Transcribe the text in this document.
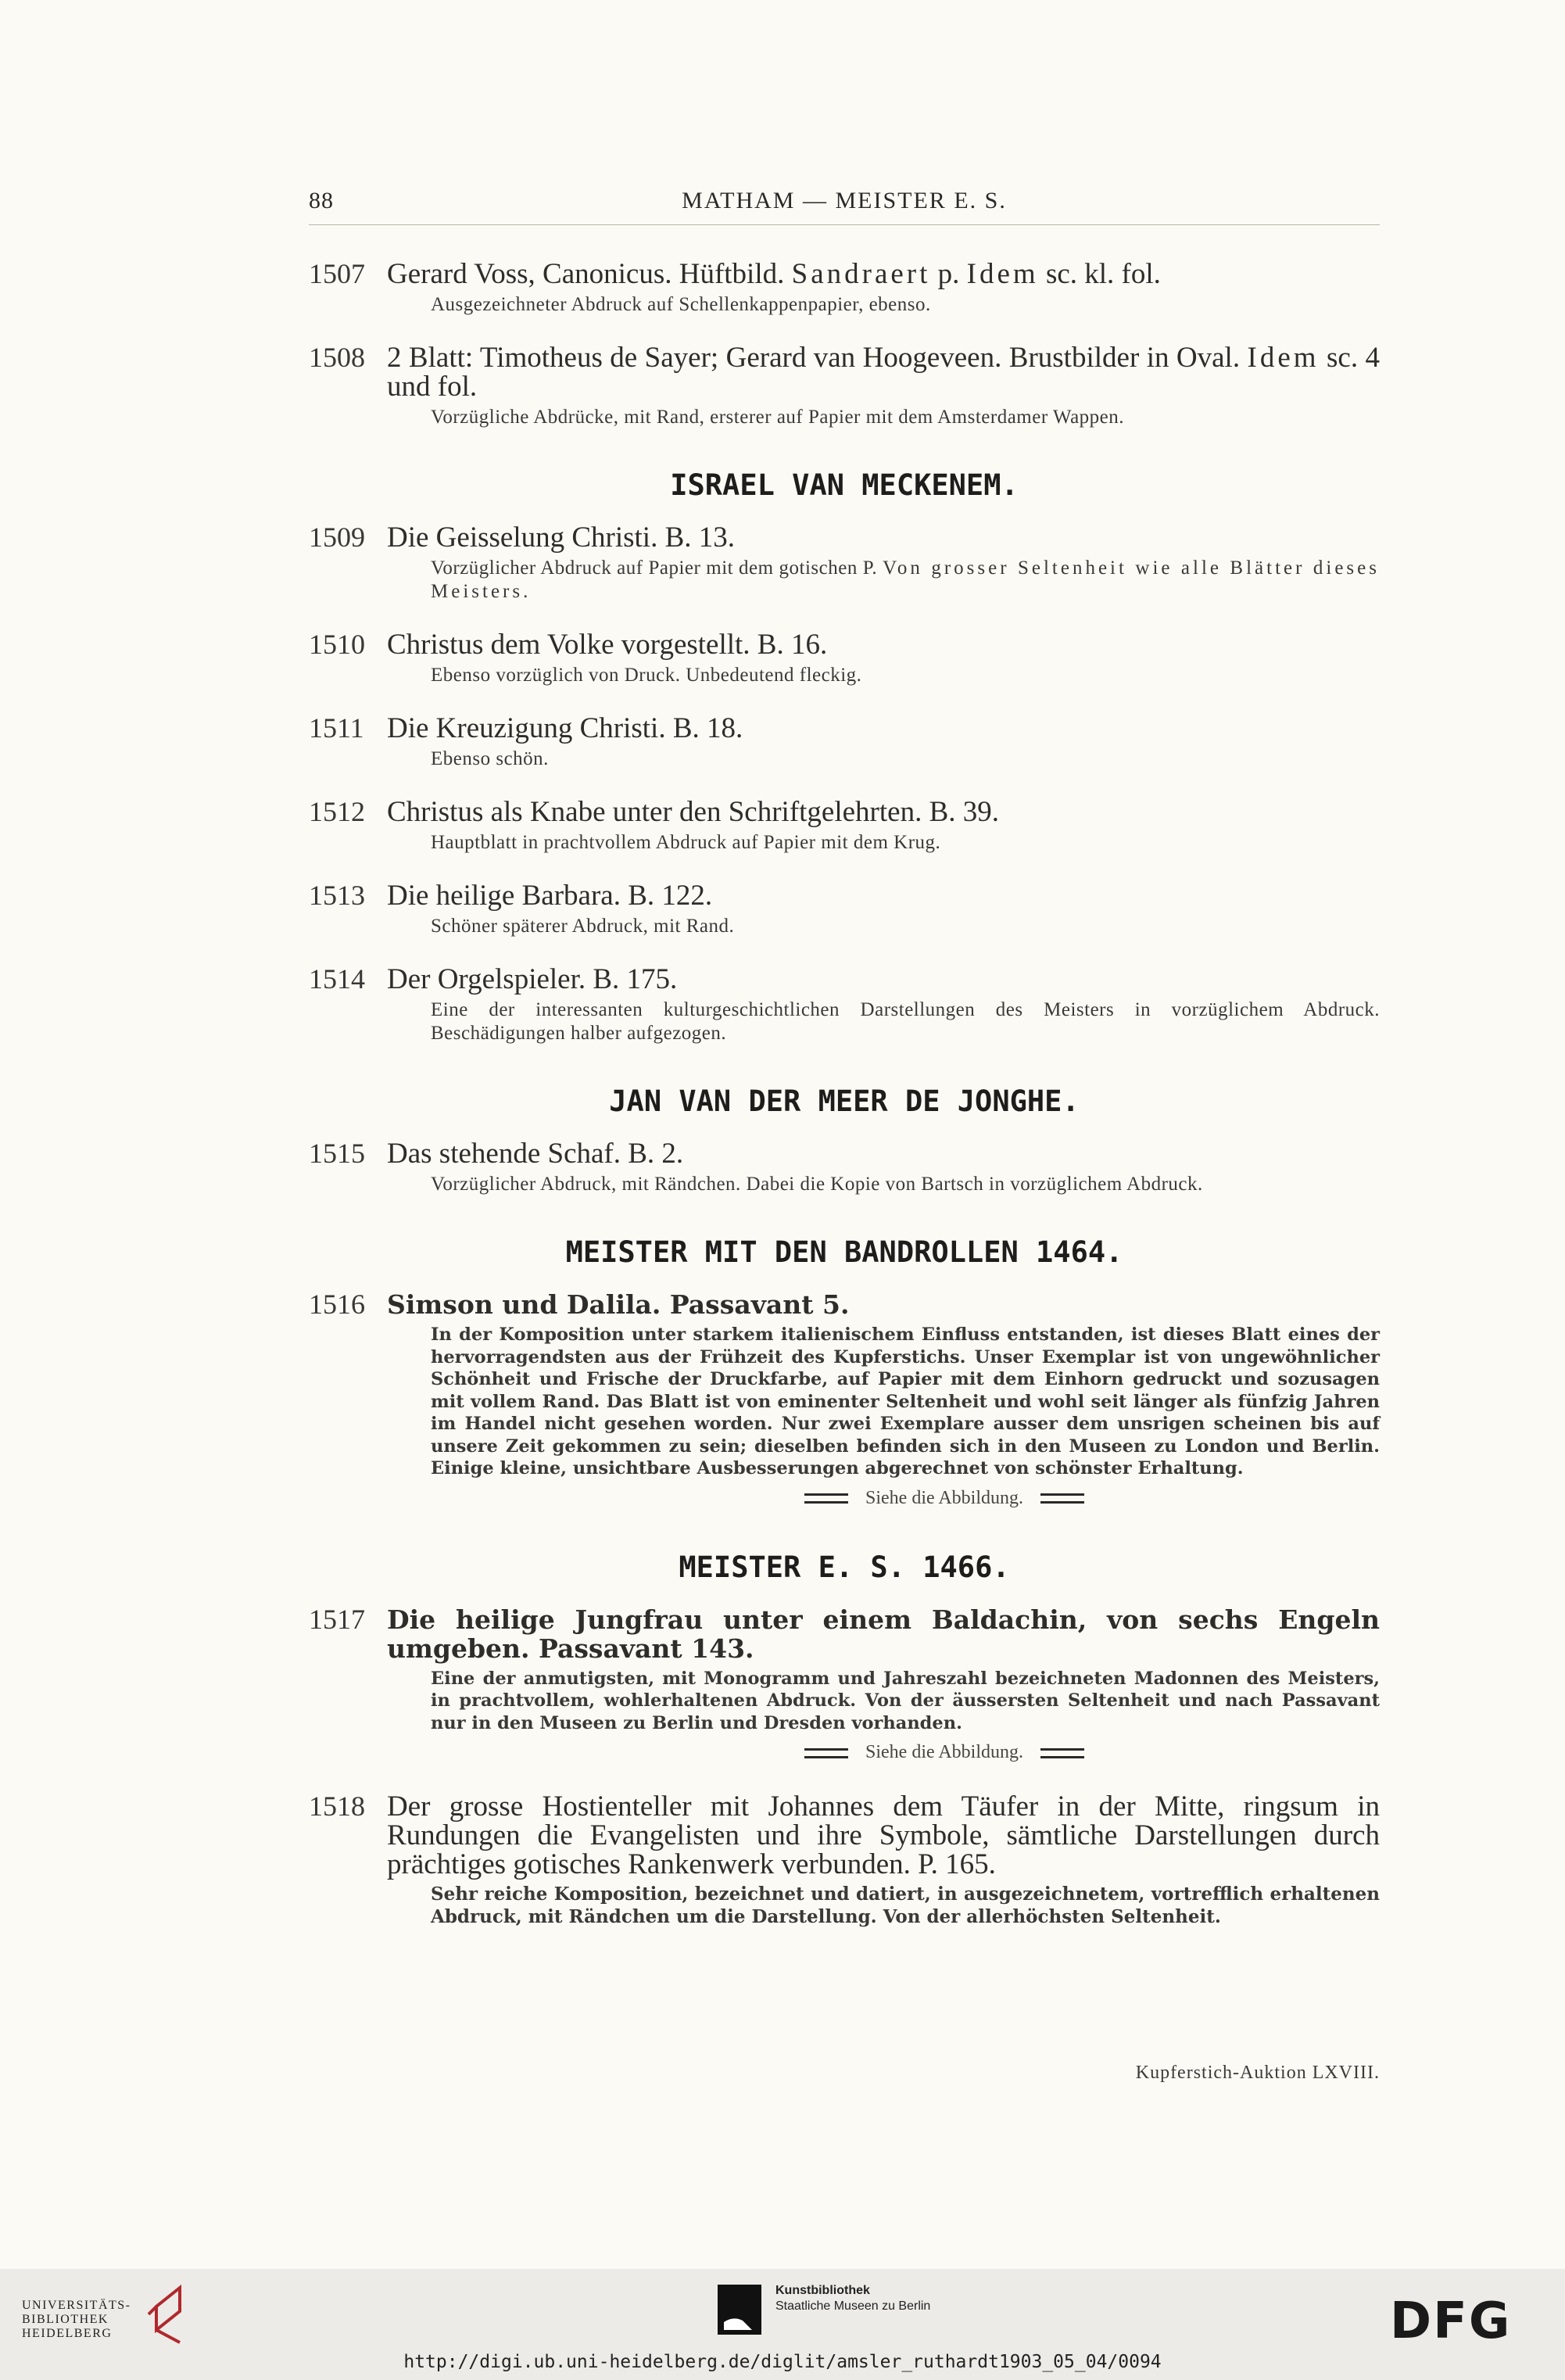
88	MATHAM — MEISTER E. S.
1507 Gerard Voss, Canonicus. Hüftbild. Sandraert p. Idem sc. kl. fol.
Ausgezeichneter Abdruck auf Schellenkappenpapier, ebenso.
1508 2 Blatt: Timotheus de Sayer; Gerard van Hoogeveen. Brustbilder in Oval. Idem sc. 4 und fol.
Vorzügliche Abdrücke, mit Rand, ersterer auf Papier mit dem Amsterdamer Wappen.
ISRAEL VAN MECKENEM.
1509 Die Geisselung Christi. B. 13.
Vorzüglicher Abdruck auf Papier mit dem gotischen P. Von grosser Seltenheit wie alle Blätter dieses Meisters.
1510 Christus dem Volke vorgestellt. B. 16.
Ebenso vorzüglich von Druck. Unbedeutend fleckig.
1511 Die Kreuzigung Christi. B. 18.
Ebenso schön.
1512 Christus als Knabe unter den Schriftgelehrten. B. 39.
Hauptblatt in prachtvollem Abdruck auf Papier mit dem Krug.
1513 Die heilige Barbara. B. 122.
Schöner späterer Abdruck, mit Rand.
1514 Der Orgelspieler. B. 175.
Eine der interessanten kulturgeschichtlichen Darstellungen des Meisters in vorzüglichem Abdruck. Beschädigungen halber aufgezogen.
JAN VAN DER MEER DE JONGHE.
1515 Das stehende Schaf. B. 2.
Vorzüglicher Abdruck, mit Rändchen. Dabei die Kopie von Bartsch in vorzüglichem Abdruck.
MEISTER MIT DEN BANDROLLEN 1464.
1516 Simson und Dalila. Passavant 5.
In der Komposition unter starkem italienischem Einfluss entstanden, ist dieses Blatt eines der hervorragendsten aus der Frühzeit des Kupferstichs. Unser Exemplar ist von ungewöhnlicher Schönheit und Frische der Druckfarbe, auf Papier mit dem Einhorn gedruckt und sozusagen mit vollem Rand. Das Blatt ist von eminenter Seltenheit und wohl seit länger als fünfzig Jahren im Handel nicht gesehen worden. Nur zwei Exemplare ausser dem unsrigen scheinen bis auf unsere Zeit gekommen zu sein; dieselben befinden sich in den Museen zu London und Berlin. Einige kleine, unsichtbare Ausbesserungen abgerechnet von schönster Erhaltung.
Siehe die Abbildung.
MEISTER E. S. 1466.
1517 Die heilige Jungfrau unter einem Baldachin, von sechs Engeln umgeben. Passavant 143.
Eine der anmutigsten, mit Monogramm und Jahreszahl bezeichneten Madonnen des Meisters, in prachtvollem, wohlerhaltenen Abdruck. Von der äussersten Seltenheit und nach Passavant nur in den Museen zu Berlin und Dresden vorhanden.
Siehe die Abbildung.
1518 Der grosse Hostienteller mit Johannes dem Täufer in der Mitte, ringsum in Rundungen die Evangelisten und ihre Symbole, sämtliche Darstellungen durch prächtiges gotisches Rankenwerk verbunden. P. 165.
Sehr reiche Komposition, bezeichnet und datiert, in ausgezeichnetem, vortrefflich erhaltenen Abdruck, mit Rändchen um die Darstellung. Von der allerhöchsten Seltenheit.
Kupferstich-Auktion LXVIII.
UNIVERSITÄTS-
BIBLIOTHEK
HEIDELBERG
Kunstbibliothek
Staatliche Museen zu Berlin	DFG
http://digi.ub.uni-heidelberg.de/diglit/amsler_ruthardt1903_05_04/0094
